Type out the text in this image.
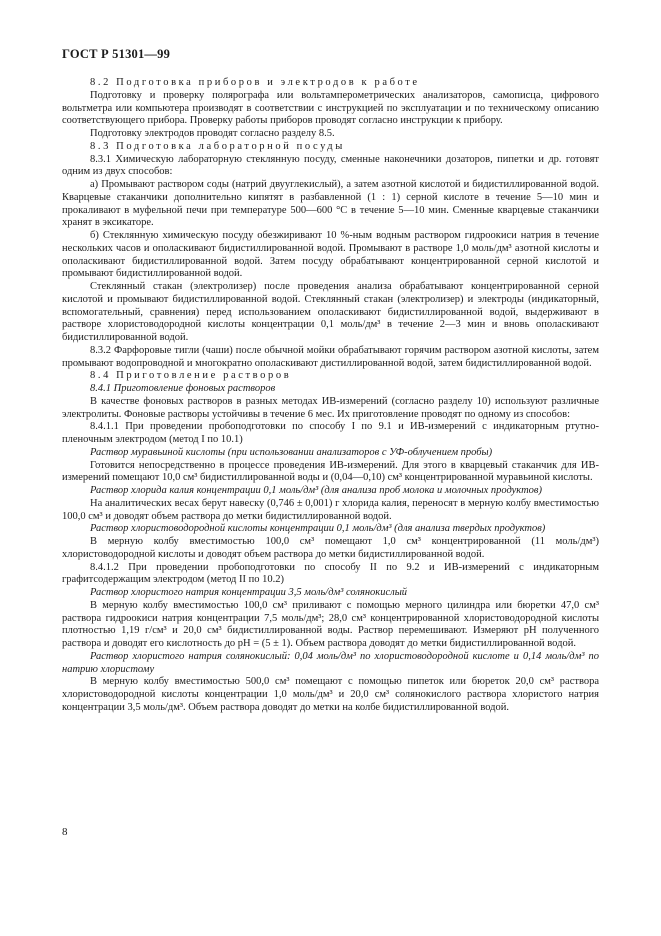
ГОСТ Р 51301—99

8.2 Подготовка приборов и электродов к работе

Подготовку и проверку полярографа или вольтамперометрических анализаторов, самописца, цифрового вольтметра или компьютера производят в соответствии с инструкцией по эксплуатации и по техническому описанию соответствующего прибора. Проверку работы приборов проводят согласно инструкции к прибору.

Подготовку электродов проводят согласно разделу 8.5.

8.3 Подготовка лабораторной посуды

8.3.1 Химическую лабораторную стеклянную посуду, сменные наконечники дозаторов, пипетки и др. готовят одним из двух способов:

а) Промывают раствором соды (натрий двууглекислый), а затем азотной кислотой и бидистиллированной водой. Кварцевые стаканчики дополнительно кипятят в разбавленной (1 : 1) серной кислоте в течение 5—10 мин и прокаливают в муфельной печи при температуре 500—600 °С в течение 5—10 мин. Сменные кварцевые стаканчики хранят в эксикаторе.

б) Стеклянную химическую посуду обезжиривают 10 %-ным водным раствором гидроокиси натрия в течение нескольких часов и ополаскивают бидистиллированной водой. Промывают в растворе 1,0 моль/дм³ азотной кислоты и ополаскивают бидистиллированной водой. Затем посуду обрабатывают концентрированной серной кислотой и промывают бидистиллированной водой.

Стеклянный стакан (электролизер) после проведения анализа обрабатывают концентрированной серной кислотой и промывают бидистиллированной водой. Стеклянный стакан (электролизер) и электроды (индикаторный, вспомогательный, сравнения) перед использованием ополаскивают бидистиллированной водой, выдерживают в растворе хлористоводородной кислоты концентрации 0,1 моль/дм³ в течение 2—3 мин и вновь ополаскивают бидистиллированной водой.

8.3.2 Фарфоровые тигли (чаши) после обычной мойки обрабатывают горячим раствором азотной кислоты, затем промывают водопроводной и многократно ополаскивают дистиллированной водой, затем бидистиллированной водой.

8.4 Приготовление растворов

8.4.1 Приготовление фоновых растворов

В качестве фоновых растворов в разных методах ИВ-измерений (согласно разделу 10) используют различные электролиты. Фоновые растворы устойчивы в течение 6 мес. Их приготовление проводят по одному из способов:

8.4.1.1 При проведении пробоподготовки по способу I по 9.1 и ИВ-измерений с индикаторным ртутно-пленочным электродом (метод I по 10.1)

Раствор муравьиной кислоты (при использовании анализаторов с УФ-облучением пробы)

Готовится непосредственно в процессе проведения ИВ-измерений. Для этого в кварцевый стаканчик для ИВ-измерений помещают 10,0 см³ бидистиллированной воды и (0,04—0,10) см³ концентрированной муравьиной кислоты.

Раствор хлорида калия концентрации 0,1 моль/дм³ (для анализа проб молока и молочных продуктов)

На аналитических весах берут навеску (0,746 ± 0,001) г хлорида калия, переносят в мерную колбу вместимостью 100,0 см³ и доводят объем раствора до метки бидистиллированной водой.

Раствор хлористоводородной кислоты концентрации 0,1 моль/дм³ (для анализа твердых продуктов)

В мерную колбу вместимостью 100,0 см³ помещают 1,0 см³ концентрированной (11 моль/дм³) хлористоводородной кислоты и доводят объем раствора до метки бидистиллированной водой.

8.4.1.2 При проведении пробоподготовки по способу II по 9.2 и ИВ-измерений с индикаторным графитсодержащим электродом (метод II по 10.2)

Раствор хлористого натрия концентрации 3,5 моль/дм³ солянокислый

В мерную колбу вместимостью 100,0 см³ приливают с помощью мерного цилиндра или бюретки 47,0 см³ раствора гидроокиси натрия концентрации 7,5 моль/дм³; 28,0 см³ концентрированной хлористоводородной кислоты плотностью 1,19 г/см³ и 20,0 см³ бидистиллированной воды. Раствор перемешивают. Измеряют pH полученного раствора и доводят его кислотность до pH = (5 ± 1). Объем раствора доводят до метки бидистиллированной водой.

Раствор хлористого натрия солянокислый: 0,04 моль/дм³ по хлористоводородной кислоте и 0,14 моль/дм³ по натрию хлористому

В мерную колбу вместимостью 500,0 см³ помещают с помощью пипеток или бюреток 20,0 см³ раствора хлористоводородной кислоты концентрации 1,0 моль/дм³ и 20,0 см³ солянокислого раствора хлористого натрия концентрации 3,5 моль/дм³. Объем раствора доводят до метки на колбе бидистиллированной водой.

8
